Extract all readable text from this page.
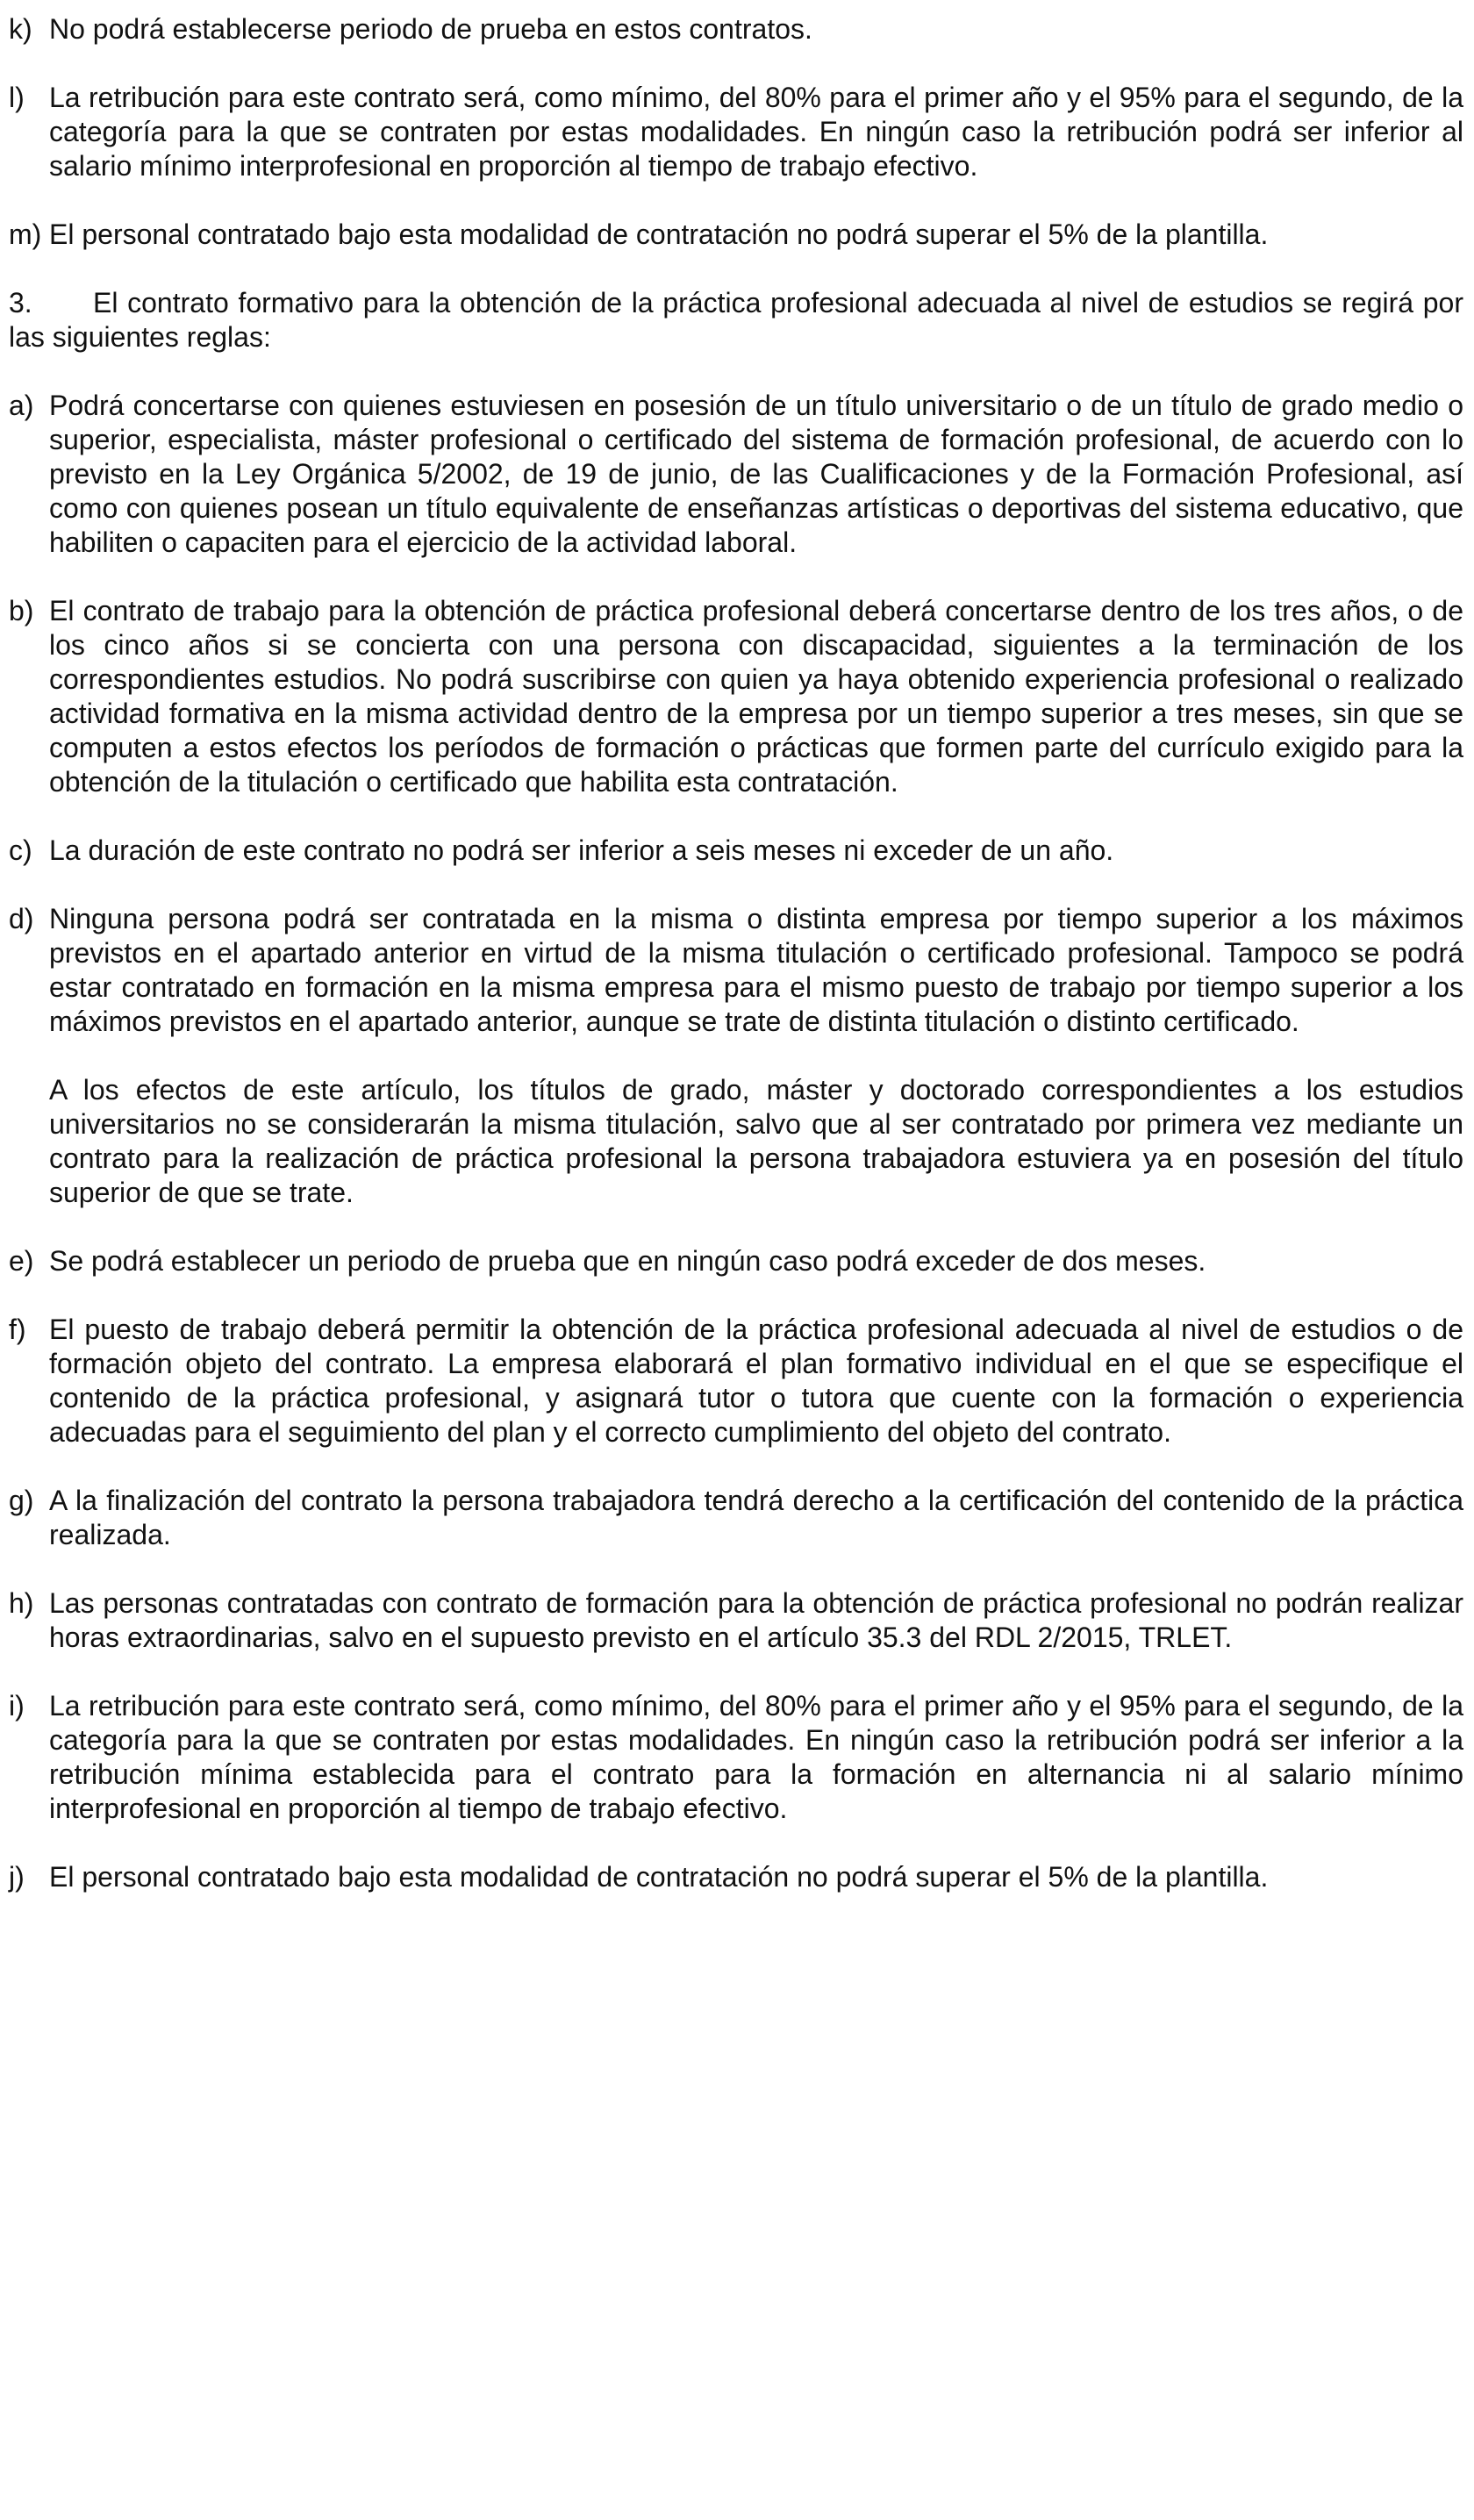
k) No podrá establecerse periodo de prueba en estos contratos.
l) La retribución para este contrato será, como mínimo, del 80% para el primer año y el 95% para el segundo, de la categoría para la que se contraten por estas modalidades. En ningún caso la retribución podrá ser inferior al salario mínimo interprofesional en proporción al tiempo de trabajo efectivo.
m) El personal contratado bajo esta modalidad de contratación no podrá superar el 5% de la plantilla.

3. El contrato formativo para la obtención de la práctica profesional adecuada al nivel de estudios se regirá por las siguientes reglas:

a) Podrá concertarse con quienes estuviesen en posesión de un título universitario o de un título de grado medio o superior, especialista, máster profesional o certificado del sistema de formación profesional, de acuerdo con lo previsto en la Ley Orgánica 5/2002, de 19 de junio, de las Cualificaciones y de la Formación Profesional, así como con quienes posean un título equivalente de enseñanzas artísticas o deportivas del sistema educativo, que habiliten o capaciten para el ejercicio de la actividad laboral.
b) El contrato de trabajo para la obtención de práctica profesional deberá concertarse dentro de los tres años, o de los cinco años si se concierta con una persona con discapacidad, siguientes a la terminación de los correspondientes estudios. No podrá suscribirse con quien ya haya obtenido experiencia profesional o realizado actividad formativa en la misma actividad dentro de la empresa por un tiempo superior a tres meses, sin que se computen a estos efectos los períodos de formación o prácticas que formen parte del currículo exigido para la obtención de la titulación o certificado que habilita esta contratación.
c) La duración de este contrato no podrá ser inferior a seis meses ni exceder de un año.
d) Ninguna persona podrá ser contratada en la misma o distinta empresa por tiempo superior a los máximos previstos en el apartado anterior en virtud de la misma titulación o certificado profesional. Tampoco se podrá estar contratado en formación en la misma empresa para el mismo puesto de trabajo por tiempo superior a los máximos previstos en el apartado anterior, aunque se trate de distinta titulación o distinto certificado.
A los efectos de este artículo, los títulos de grado, máster y doctorado correspondientes a los estudios universitarios no se considerarán la misma titulación, salvo que al ser contratado por primera vez mediante un contrato para la realización de práctica profesional la persona trabajadora estuviera ya en posesión del título superior de que se trate.
e) Se podrá establecer un periodo de prueba que en ningún caso podrá exceder de dos meses.
f) El puesto de trabajo deberá permitir la obtención de la práctica profesional adecuada al nivel de estudios o de formación objeto del contrato. La empresa elaborará el plan formativo individual en el que se especifique el contenido de la práctica profesional, y asignará tutor o tutora que cuente con la formación o experiencia adecuadas para el seguimiento del plan y el correcto cumplimiento del objeto del contrato.
g) A la finalización del contrato la persona trabajadora tendrá derecho a la certificación del contenido de la práctica realizada.
h) Las personas contratadas con contrato de formación para la obtención de práctica profesional no podrán realizar horas extraordinarias, salvo en el supuesto previsto en el artículo 35.3 del RDL 2/2015, TRLET.
i) La retribución para este contrato será, como mínimo, del 80% para el primer año y el 95% para el segundo, de la categoría para la que se contraten por estas modalidades. En ningún caso la retribución podrá ser inferior a la retribución mínima establecida para el contrato para la formación en alternancia ni al salario mínimo interprofesional en proporción al tiempo de trabajo efectivo.
j) El personal contratado bajo esta modalidad de contratación no podrá superar el 5% de la plantilla.
